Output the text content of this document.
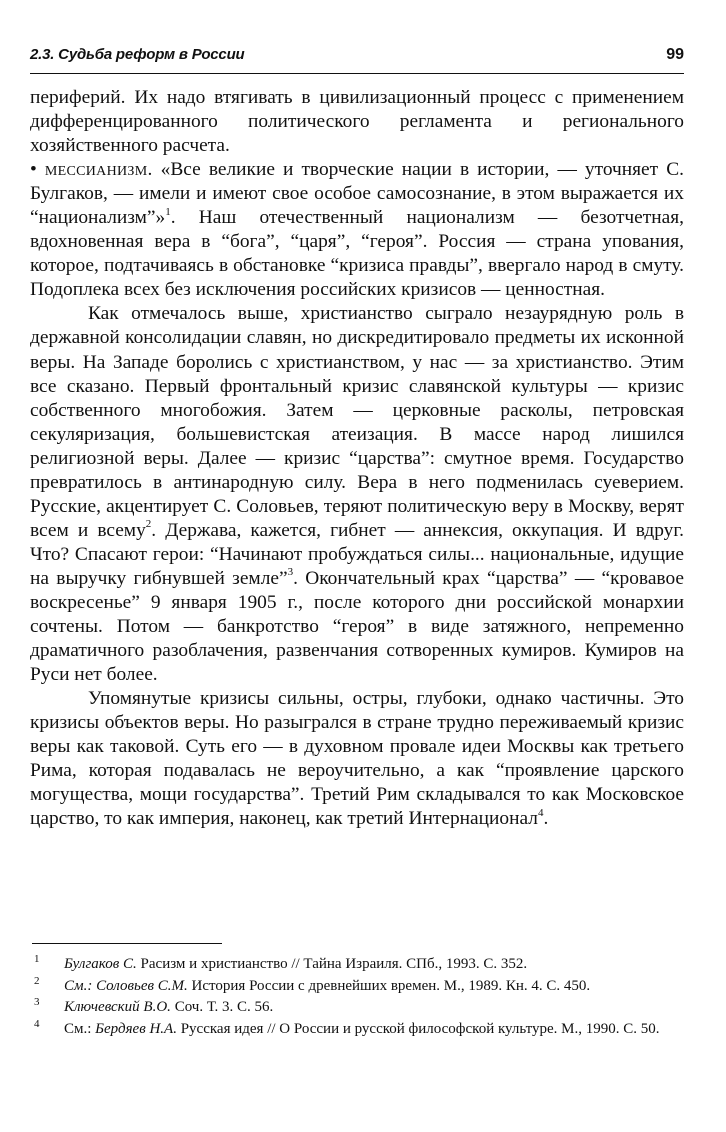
2.3. Судьба реформ в России	99

периферий. Их надо втягивать в цивилизационный процесс с применением дифференцированного политического регламента и регионального хозяйственного расчета.

• мессианизм. «Все великие и творческие нации в истории, — уточняет С. Булгаков, — имели и имеют свое особое самосознание, в этом выражается их “национализм”»$^1$. Наш отечественный национализм — безотчетная, вдохновенная вера в “бога”, “царя”, “героя”. Россия — страна упования, которое, подтачиваясь в обстановке “кризиса правды”, ввергало народ в смуту. Подоплека всех без исключения российских кризисов — ценностная.

Как отмечалось выше, христианство сыграло незаурядную роль в державной консолидации славян, но дискредитировало предметы их исконной веры. На Западе боролись с христианством, у нас — за христианство. Этим все сказано. Первый фронтальный кризис славянской культуры — кризис собственного многобожия. Затем — церковные расколы, петровская секуляризация, большевистская атеизация. В массе народ лишился религиозной веры. Далее — кризис “царства”: смутное время. Государство превратилось в антинародную силу. Вера в него подменилась суеверием. Русские, акцентирует С. Соловьев, теряют политическую веру в Москву, верят всем и всему$^2$. Держава, кажется, гибнет — аннексия, оккупация. И вдруг. Что? Спасают герои: “Начинают пробуждаться силы... национальные, идущие на выручку гибнувшей земле”$^3$. Окончательный крах “царства” — “кровавое воскресенье” 9 января 1905 г., после которого дни российской монархии сочтены. Потом — банкротство “героя” в виде затяжного, непременно драматичного разоблачения, развенчания сотворенных кумиров. Кумиров на Руси нет более.

Упомянутые кризисы сильны, остры, глубоки, однако частичны. Это кризисы объектов веры. Но разыгрался в стране трудно переживаемый кризис веры как таковой. Суть его — в духовном провале идеи Москвы как третьего Рима, которая подавалась не вероучительно, а как “проявление царского могущества, мощи государства”. Третий Рим складывался то как Московское царство, то как империя, наконец, как третий Интернационал$^4$.

1 Булгаков С. Расизм и христианство // Тайна Израиля. СПб., 1993. С. 352.
2 См.: Соловьев С.М. История России с древнейших времен. М., 1989. Кн. 4. С. 450.
3 Ключевский В.О. Соч. Т. 3. С. 56.
4 См.: Бердяев Н.А. Русская идея // О России и русской философской культуре. М., 1990. С. 50.
